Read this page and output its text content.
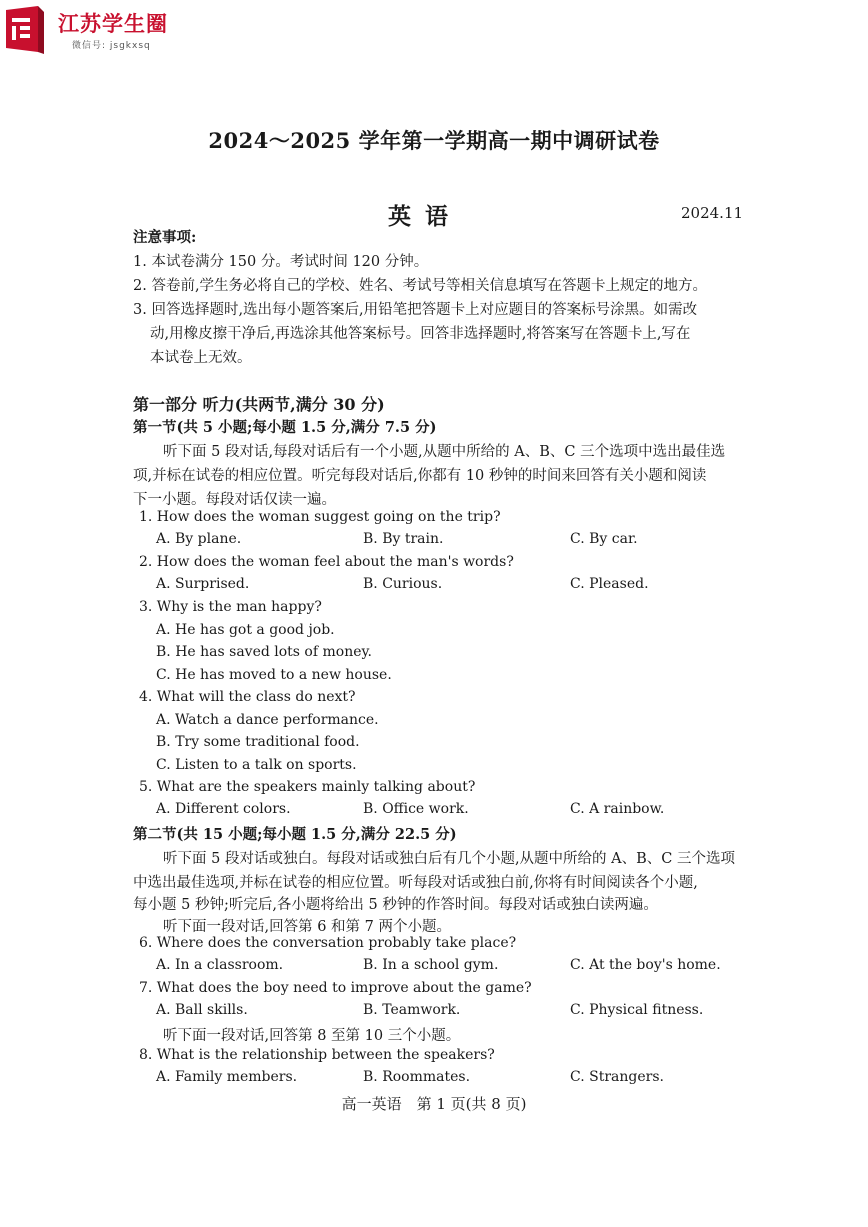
江苏学生圈
微信号: jsgkxsq
2024～2025 学年第一学期高一期中调研试卷
英语	2024.11
注意事项:
1. 本试卷满分 150 分。考试时间 120 分钟。
2. 答卷前,学生务必将自己的学校、姓名、考试号等相关信息填写在答题卡上规定的地方。
3. 回答选择题时,选出每小题答案后,用铅笔把答题卡上对应题目的答案标号涂黑。如需改
动,用橡皮擦干净后,再选涂其他答案标号。回答非选择题时,将答案写在答题卡上,写在
本试卷上无效。
第一部分 听力(共两节,满分 30 分)
第一节(共 5 小题;每小题 1.5 分,满分 7.5 分)
听下面 5 段对话,每段对话后有一个小题,从题中所给的 A、B、C 三个选项中选出最佳选
项,并标在试卷的相应位置。听完每段对话后,你都有 10 秒钟的时间来回答有关小题和阅读
下一小题。每段对话仅读一遍。
1. How does the woman suggest going on the trip?
A. By plane.	B. By train.	C. By car.
2. How does the woman feel about the man's words?
A. Surprised.	B. Curious.	C. Pleased.
3. Why is the man happy?
A. He has got a good job.
B. He has saved lots of money.
C. He has moved to a new house.
4. What will the class do next?
A. Watch a dance performance.
B. Try some traditional food.
C. Listen to a talk on sports.
5. What are the speakers mainly talking about?
A. Different colors.	B. Office work.	C. A rainbow.
第二节(共 15 小题;每小题 1.5 分,满分 22.5 分)
听下面 5 段对话或独白。每段对话或独白后有几个小题,从题中所给的 A、B、C 三个选项
中选出最佳选项,并标在试卷的相应位置。听每段对话或独白前,你将有时间阅读各个小题,
每小题 5 秒钟;听完后,各小题将给出 5 秒钟的作答时间。每段对话或独白读两遍。
听下面一段对话,回答第 6 和第 7 两个小题。
6. Where does the conversation probably take place?
A. In a classroom.	B. In a school gym.	C. At the boy's home.
7. What does the boy need to improve about the game?
A. Ball skills.	B. Teamwork.	C. Physical fitness.
听下面一段对话,回答第 8 至第 10 三个小题。
8. What is the relationship between the speakers?
A. Family members.	B. Roommates.	C. Strangers.
高一英语　第 1 页(共 8 页)
